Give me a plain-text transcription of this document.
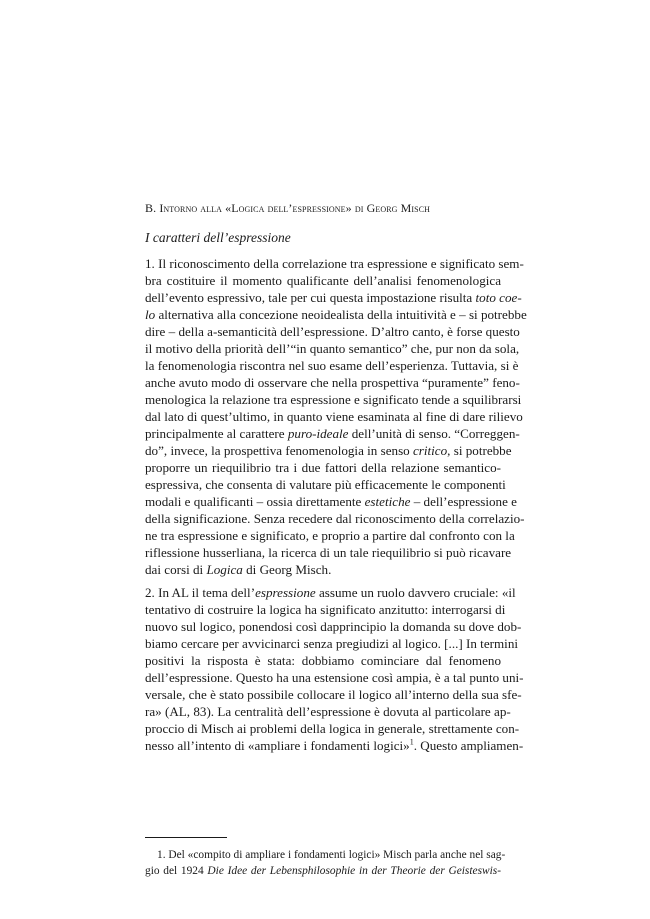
B. Intorno alla «Logica dell’espressione» di Georg Misch
I caratteri dell’espressione
1. Il riconoscimento della correlazione tra espressione e significato sem-
bra costituire il momento qualificante dell’analisi fenomenologica
dell’evento espressivo, tale per cui questa impostazione risulta toto coe-
lo alternativa alla concezione neoidealista della intuitività e – si potrebbe
dire – della a-semanticità dell’espressione. D’altro canto, è forse questo
il motivo della priorità dell’“in quanto semantico” che, pur non da sola,
la fenomenologia riscontra nel suo esame dell’esperienza. Tuttavia, si è
anche avuto modo di osservare che nella prospettiva “puramente” feno-
menologica la relazione tra espressione e significato tende a squilibrarsi
dal lato di quest’ultimo, in quanto viene esaminata al fine di dare rilievo
principalmente al carattere puro-ideale dell’unità di senso. “Correggen-
do”, invece, la prospettiva fenomenologia in senso critico, si potrebbe
proporre un riequilibrio tra i due fattori della relazione semantico-
espressiva, che consenta di valutare più efficacemente le componenti
modali e qualificanti – ossia direttamente estetiche – dell’espressione e
della significazione. Senza recedere dal riconoscimento della correlazio-
ne tra espressione e significato, e proprio a partire dal confronto con la
riflessione husserliana, la ricerca di un tale riequilibrio si può ricavare
dai corsi di Logica di Georg Misch.
2. In AL il tema dell’espressione assume un ruolo davvero cruciale: «il
tentativo di costruire la logica ha significato anzitutto: interrogarsi di
nuovo sul logico, ponendosi così dapprincipio la domanda su dove dob-
biamo cercare per avvicinarci senza pregiudizi al logico. [...] In termini
positivi la risposta è stata: dobbiamo cominciare dal fenomeno
dell’espressione. Questo ha una estensione così ampia, è a tal punto uni-
versale, che è stato possibile collocare il logico all’interno della sua sfe-
ra» (AL, 83). La centralità dell’espressione è dovuta al particolare ap-
proccio di Misch ai problemi della logica in generale, strettamente con-
nesso all’intento di «ampliare i fondamenti logici»$^1$. Questo ampliamen-
1. Del «compito di ampliare i fondamenti logici» Misch parla anche nel sag-
gio del 1924 Die Idee der Lebensphilosophie in der Theorie der Geisteswis-
